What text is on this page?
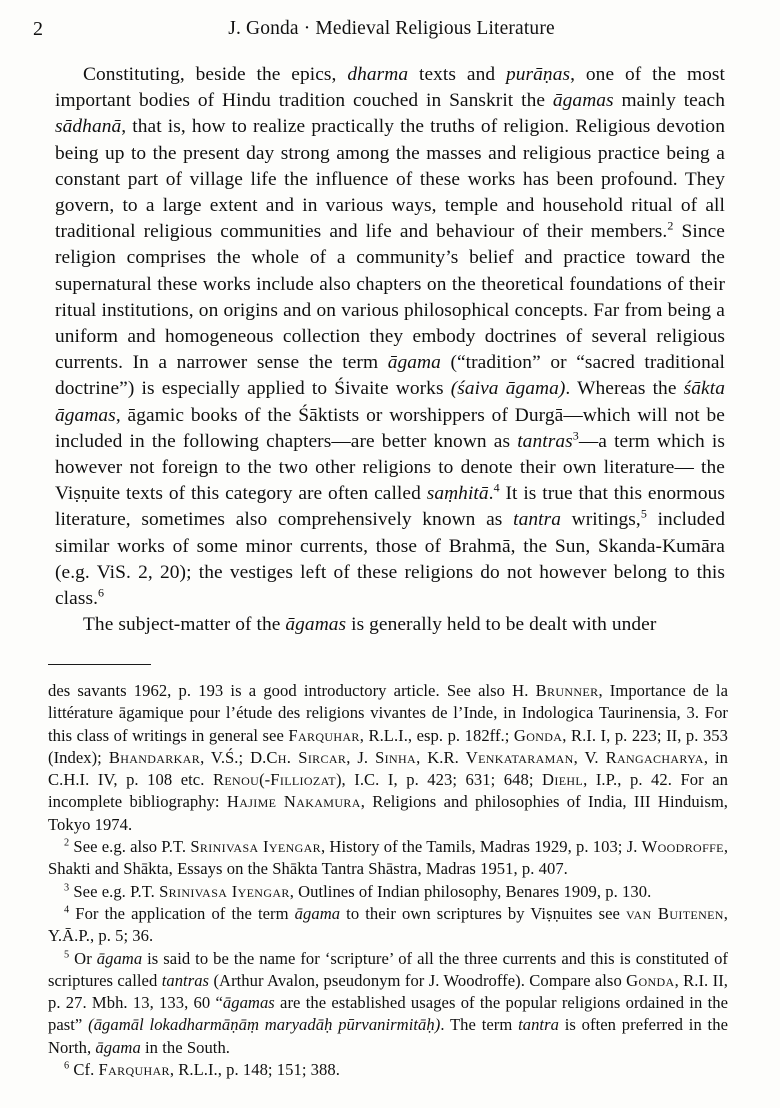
2	J. Gonda · Medieval Religious Literature

Constituting, beside the epics, dharma texts and purāṇas, one of the most important bodies of Hindu tradition couched in Sanskrit the āgamas mainly teach sādhanā, that is, how to realize practically the truths of religion. Religious devotion being up to the present day strong among the masses and religious practice being a constant part of village life the influence of these works has been profound. They govern, to a large extent and in various ways, temple and household ritual of all traditional religious communities and life and behaviour of their members.$^2$ Since religion comprises the whole of a community’s belief and practice toward the supernatural these works include also chapters on the theoretical foundations of their ritual institutions, on origins and on various philosophical concepts. Far from being a uniform and homogeneous collection they embody doctrines of several religious currents. In a narrower sense the term āgama (“tradition” or “sacred traditional doctrine”) is especially applied to Śivaite works (śaiva āgama). Whereas the śākta āgamas, āgamic books of the Śāktists or worshippers of Durgā—which will not be included in the following chapters—are better known as tantras$^3$—a term which is however not foreign to the two other religions to denote their own literature— the Viṣṇuite texts of this category are often called saṃhitā.$^4$ It is true that this enormous literature, sometimes also comprehensively known as tantra writings,$^5$ included similar works of some minor currents, those of Brahmā, the Sun, Skanda-Kumāra (e.g. ViS. 2, 20); the vestiges left of these religions do not however belong to this class.$^6$

The subject-matter of the āgamas is generally held to be dealt with under

des savants 1962, p. 193 is a good introductory article. See also H. Brunner, Importance de la littérature āgamique pour l’étude des religions vivantes de l’Inde, in Indologica Taurinensia, 3. For this class of writings in general see Farquhar, R.L.I., esp. p. 182ff.; Gonda, R.I. I, p. 223; II, p. 353 (Index); Bhandarkar, V.Ś.; D.Ch. Sircar, J. Sinha, K.R. Venkataraman, V. Rangacharya, in C.H.I. IV, p. 108 etc. Renou(-Filliozat), I.C. I, p. 423; 631; 648; Diehl, I.P., p. 42. For an incomplete bibliography: Hajime Nakamura, Religions and philosophies of India, III Hinduism, Tokyo 1974.

$^2$ See e.g. also P.T. Srinivasa Iyengar, History of the Tamils, Madras 1929, p. 103; J. Woodroffe, Shakti and Shākta, Essays on the Shākta Tantra Shāstra, Madras 1951, p. 407.

$^3$ See e.g. P.T. Srinivasa Iyengar, Outlines of Indian philosophy, Benares 1909, p. 130.

$^4$ For the application of the term āgama to their own scriptures by Viṣṇuites see van Buitenen, Y.Ā.P., p. 5; 36.

$^5$ Or āgama is said to be the name for ‘scripture’ of all the three currents and this is constituted of scriptures called tantras (Arthur Avalon, pseudonym for J. Woodroffe). Compare also Gonda, R.I. II, p. 27. Mbh. 13, 133, 60 “āgamas are the established usages of the popular religions ordained in the past” (āgamāl lokadharmāṇāṃ maryadāḥ pūrvanirmitāḥ). The term tantra is often preferred in the North, āgama in the South.

$^6$ Cf. Farquhar, R.L.I., p. 148; 151; 388.
